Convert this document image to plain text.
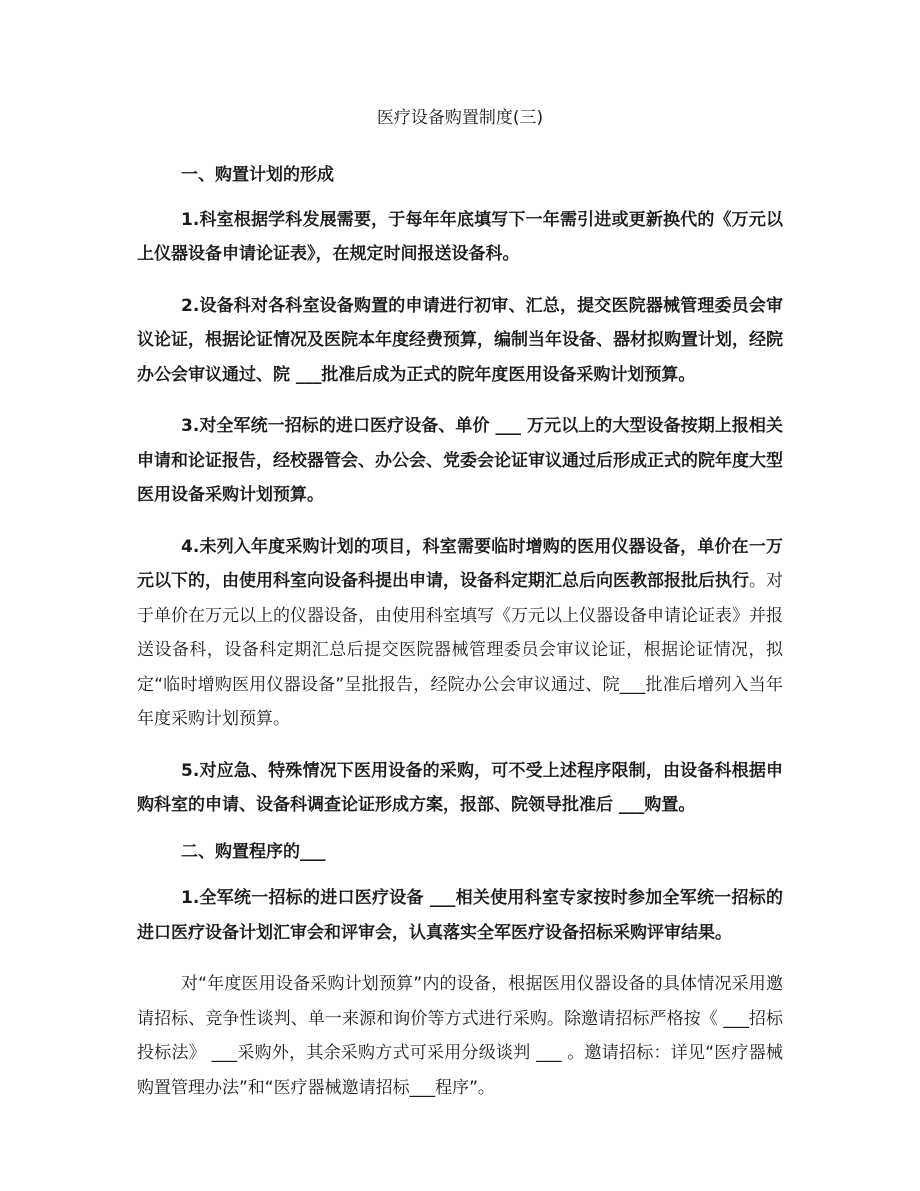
医疗设备购置制度(三)

一、购置计划的形成

1.科室根据学科发展需要，于每年年底填写下一年需引进或更新换代的《万元以上仪器设备申请论证表》，在规定时间报送设备科。

2.设备科对各科室设备购置的申请进行初审、汇总，提交医院器械管理委员会审议论证，根据论证情况及医院本年度经费预算，编制当年设备、器材拟购置计划，经院办公会审议通过、院 ___批准后成为正式的院年度医用设备采购计划预算。

3.对全军统一招标的进口医疗设备、单价 ___ 万元以上的大型设备按期上报相关申请和论证报告，经校器管会、办公会、党委会论证审议通过后形成正式的院年度大型医用设备采购计划预算。

4.未列入年度采购计划的项目，科室需要临时增购的医用仪器设备，单价在一万元以下的，由使用科室向设备科提出申请，设备科定期汇总后向医教部报批后执行。对于单价在万元以上的仪器设备，由使用科室填写《万元以上仪器设备申请论证表》并报送设备科，设备科定期汇总后提交医院器械管理委员会审议论证，根据论证情况，拟定“临时增购医用仪器设备”呈批报告，经院办公会审议通过、院___批准后增列入当年年度采购计划预算。

5.对应急、特殊情况下医用设备的采购，可不受上述程序限制，由设备科根据申购科室的申请、设备科调查论证形成方案，报部、院领导批准后 ___购置。

二、购置程序的___

1.全军统一招标的进口医疗设备 ___相关使用科室专家按时参加全军统一招标的进口医疗设备计划汇审会和评审会，认真落实全军医疗设备招标采购评审结果。

对“年度医用设备采购计划预算”内的设备，根据医用仪器设备的具体情况采用邀请招标、竞争性谈判、单一来源和询价等方式进行采购。除邀请招标严格按《 ___招标投标法》 ___采购外，其余采购方式可采用分级谈判 ___ 。邀请招标：详见“医疗器械购置管理办法”和“医疗器械邀请招标___程序”。
